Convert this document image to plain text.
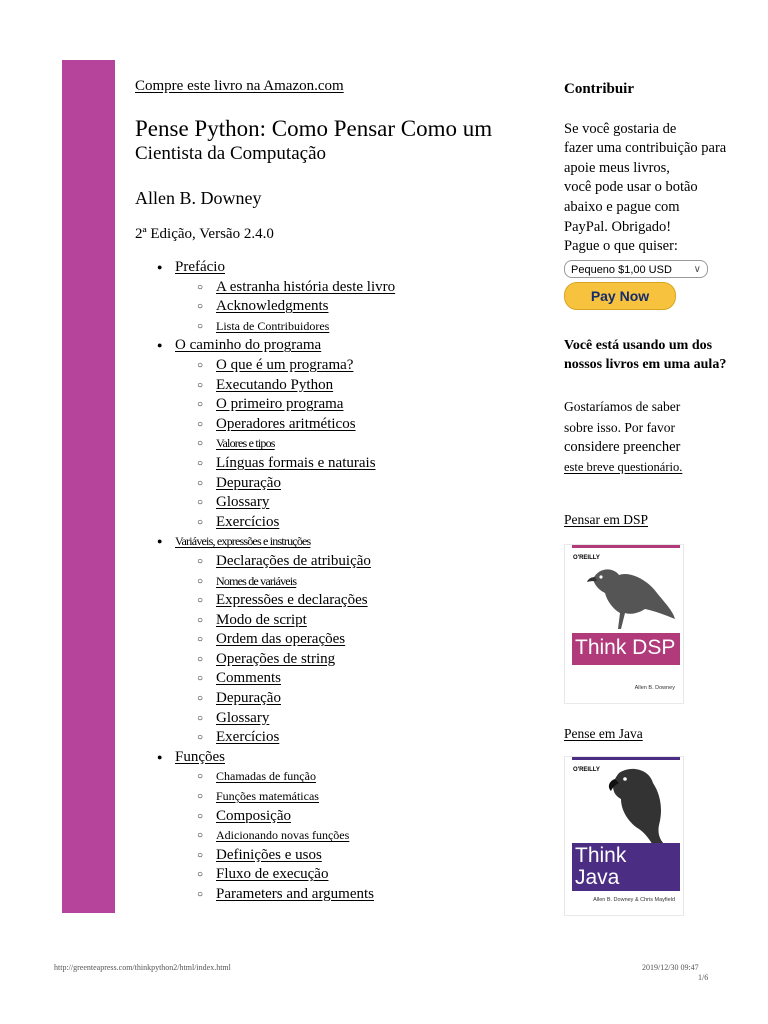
Compre este livro na Amazon.com
Pense Python: Como Pensar Como um
Cientista da Computação
Allen B. Downey
2ª Edição, Versão 2.4.0
● Prefácio
○ A estranha história deste livro
○ Acknowledgments
○ Lista de Contribuidores
● O caminho do programa
○ O que é um programa?
○ Executando Python
○ O primeiro programa
○ Operadores aritméticos
○ Valores e tipos
○ Línguas formais e naturais
○ Depuração
○ Glossary
○ Exercícios
● Variáveis, expressões e instruções
○ Declarações de atribuição
○ Nomes de variáveis
○ Expressões e declarações
○ Modo de script
○ Ordem das operações
○ Operações de string
○ Comments
○ Depuração
○ Glossary
○ Exercícios
● Funções
○ Chamadas de função
○ Funções matemáticas
○ Composição
○ Adicionando novas funções
○ Definições e usos
○ Fluxo de execução
○ Parameters and arguments
Contribuir

Se você gostaria de
fazer uma contribuição para
apoie meus livros,
você pode usar o botão
abaixo e pague com
PayPal. Obrigado!
Pague o que quiser:

Pequeno $1,00 USD ∨
Pay Now

Você está usando um dos
nossos livros em uma aula?

Gostaríamos de saber
sobre isso. Por favor
considere preencher
este breve questionário.

Pensar em DSP
O'REILLY
Think DSP
Allen B. Downey
Pense em Java
O'REILLY
Think
Java
Allen B. Downey & Chris Mayfield
http://greenteapress.com/thinkpython2/html/index.html	2019/12/30 09:47
1/6
